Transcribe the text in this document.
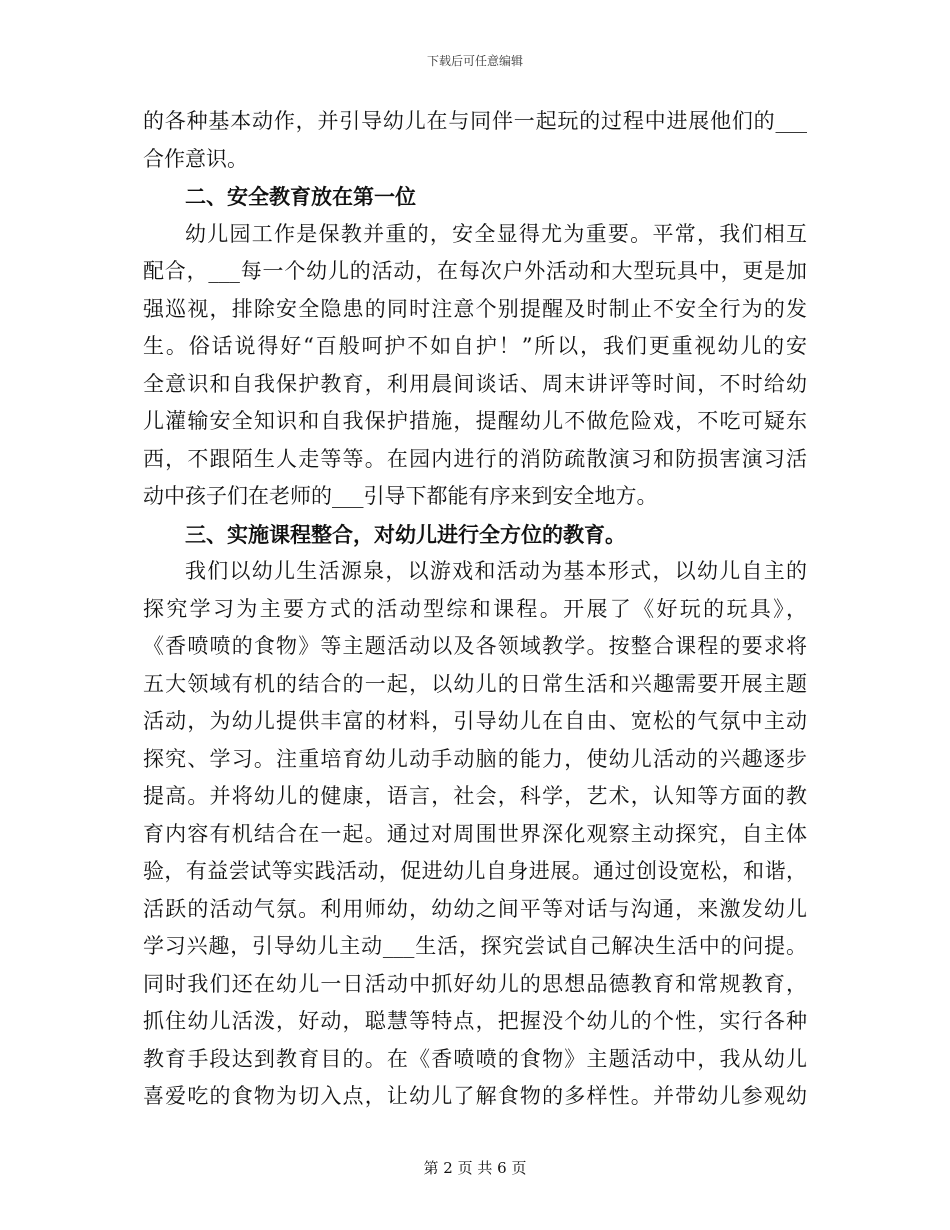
下载后可任意编辑
的各种基本动作，并引导幼儿在与同伴一起玩的过程中进展他们的___
合作意识。
二、安全教育放在第一位
幼儿园工作是保教并重的，安全显得尤为重要。平常，我们相互
配合，___每一个幼儿的活动，在每次户外活动和大型玩具中，更是加
强巡视，排除安全隐患的同时注意个别提醒及时制止不安全行为的发
生。俗话说得好“百般呵护不如自护！”所以，我们更重视幼儿的安
全意识和自我保护教育，利用晨间谈话、周末讲评等时间，不时给幼
儿灌输安全知识和自我保护措施，提醒幼儿不做危险戏，不吃可疑东
西，不跟陌生人走等等。在园内进行的消防疏散演习和防损害演习活
动中孩子们在老师的___引导下都能有序来到安全地方。
三、实施课程整合，对幼儿进行全方位的教育。
我们以幼儿生活源泉，以游戏和活动为基本形式，以幼儿自主的
探究学习为主要方式的活动型综和课程。开展了《好玩的玩具》，
《香喷喷的食物》等主题活动以及各领域教学。按整合课程的要求将
五大领域有机的结合的一起，以幼儿的日常生活和兴趣需要开展主题
活动，为幼儿提供丰富的材料，引导幼儿在自由、宽松的气氛中主动
探究、学习。注重培育幼儿动手动脑的能力，使幼儿活动的兴趣逐步
提高。并将幼儿的健康，语言，社会，科学，艺术，认知等方面的教
育内容有机结合在一起。通过对周围世界深化观察主动探究，自主体
验，有益尝试等实践活动，促进幼儿自身进展。通过创设宽松，和谐，
活跃的活动气氛。利用师幼，幼幼之间平等对话与沟通，来激发幼儿
学习兴趣，引导幼儿主动___生活，探究尝试自己解决生活中的问提。
同时我们还在幼儿一日活动中抓好幼儿的思想品德教育和常规教育，
抓住幼儿活泼，好动，聪慧等特点，把握没个幼儿的个性，实行各种
教育手段达到教育目的。在《香喷喷的食物》主题活动中，我从幼儿
喜爱吃的食物为切入点，让幼儿了解食物的多样性。并带幼儿参观幼
第 2 页 共 6 页
